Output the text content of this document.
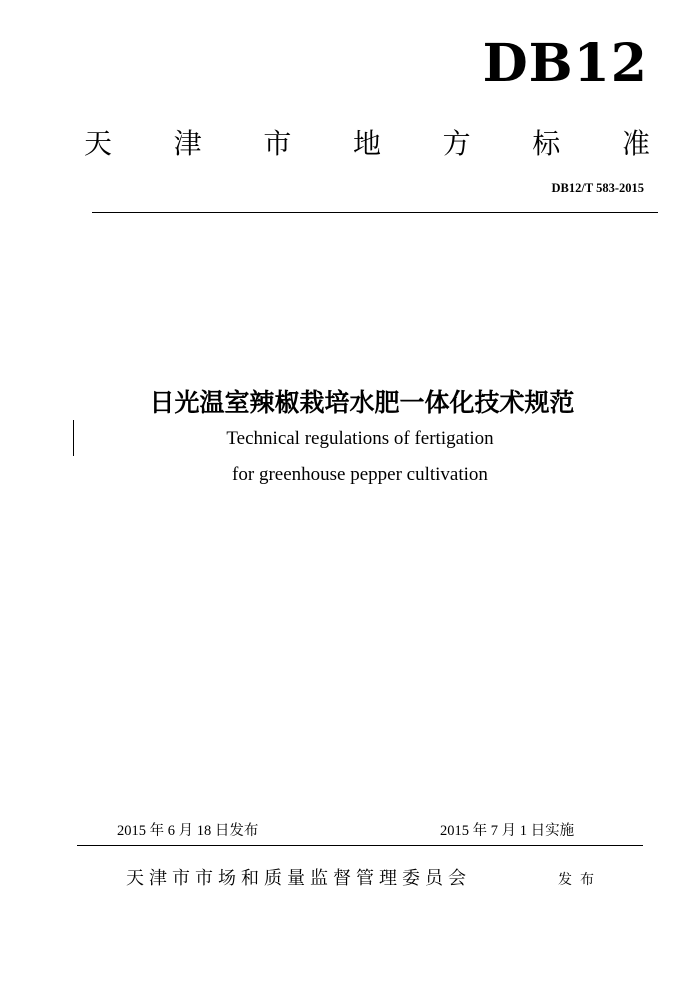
DB12
天 津 市 地 方 标 准
DB12/T 583-2015
日光温室辣椒栽培水肥一体化技术规范
Technical regulations of fertigation
for greenhouse pepper cultivation
2015 年 6 月 18 日发布	2015 年 7 月 1 日实施
天津市市场和质量监督管理委员会	发布
